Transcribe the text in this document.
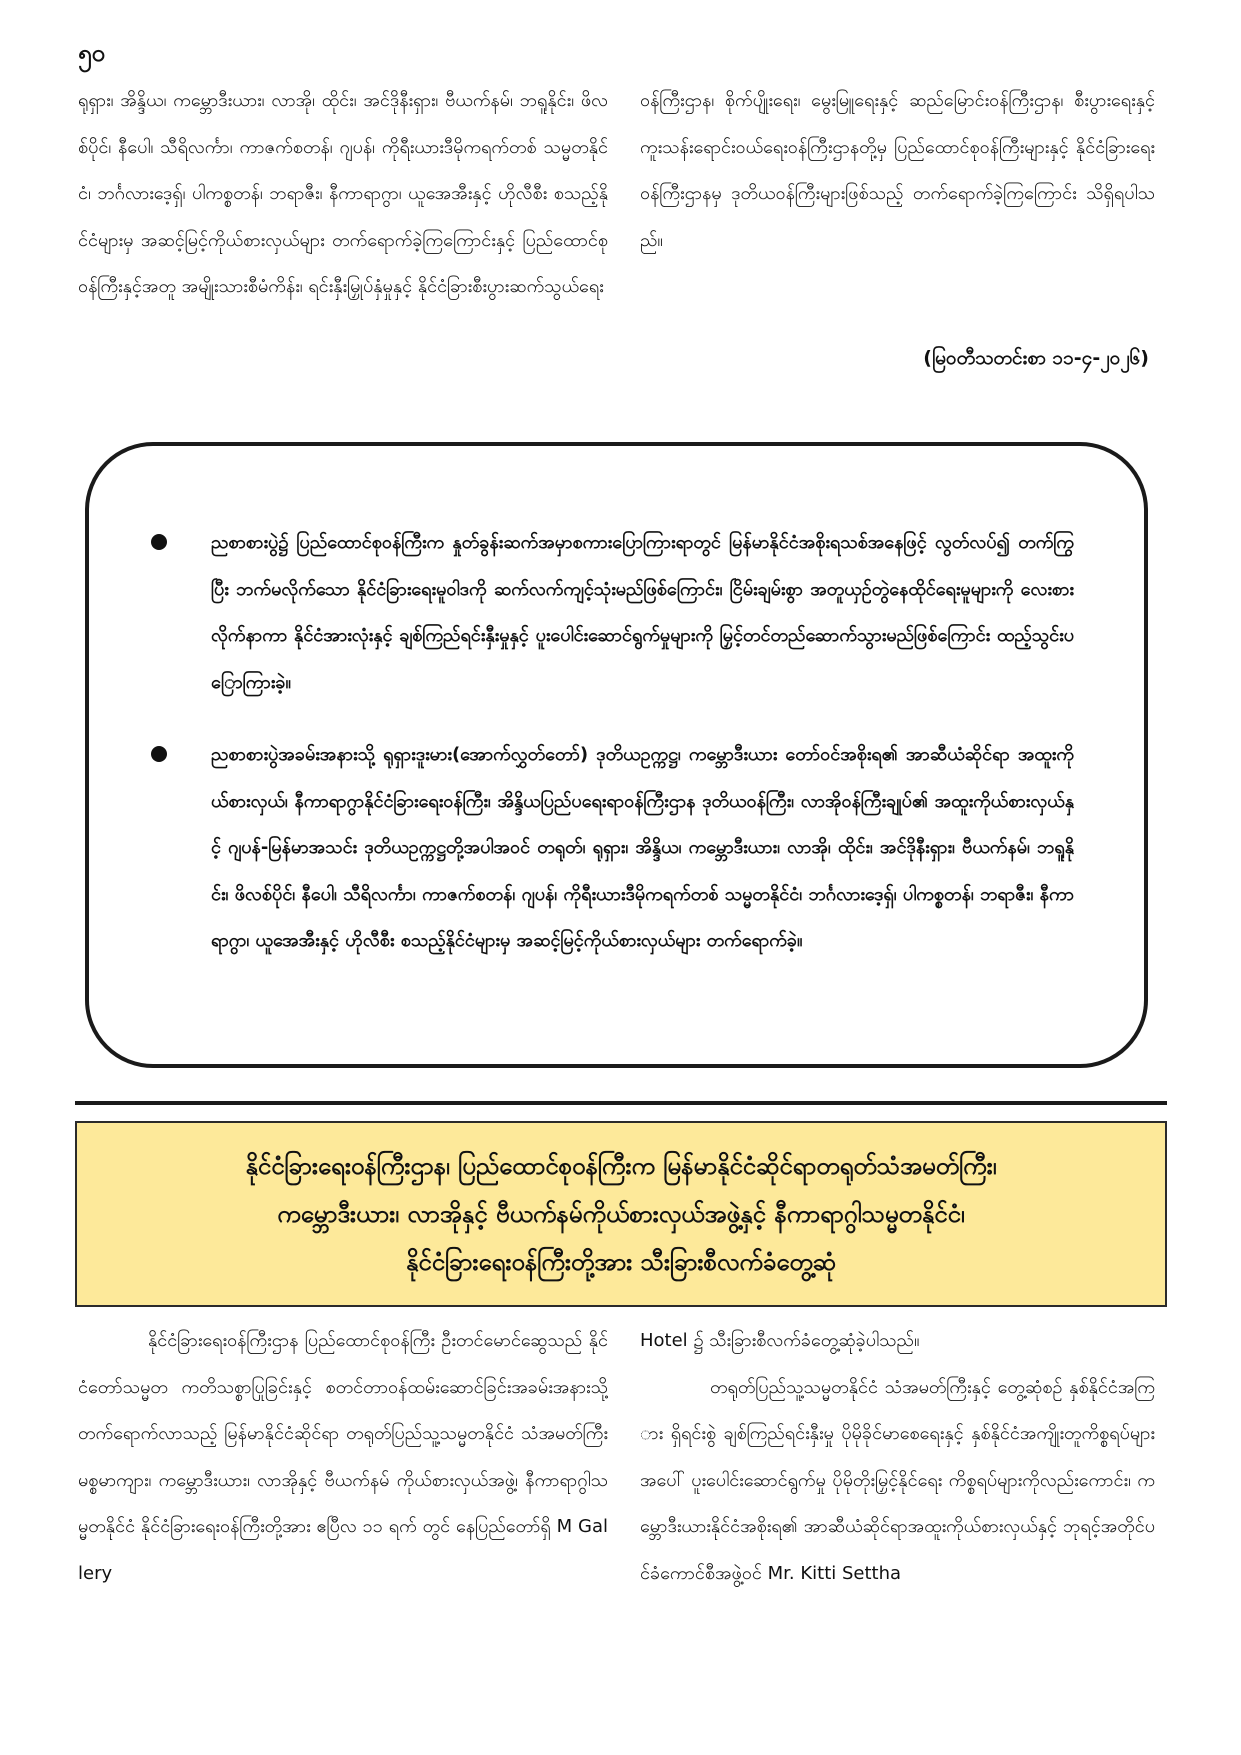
၅၀

ရုရှား၊ အိန္ဒိယ၊ ကမ္ဘောဒီးယား၊ လာအို၊ ထိုင်း၊ အင်ဒိုနီးရှား၊ ဗီယက်နမ်၊ ဘရူနိုင်း၊ ဖိလစ်ပိုင်၊ နီပေါ၊ သီရိလင်္ကာ၊ ကာဇက်စတန်၊ ဂျပန်၊ ကိုရီးယားဒီမိုကရက်တစ် သမ္မတနိုင်ငံ၊ ဘင်္ဂလားဒေ့ရှ်၊ ပါကစ္စတန်၊ ဘရာဇီး၊ နီကာရာဂွာ၊ ယူအေအီးနှင့် ဟိုလီစီး စသည့်နိုင်ငံများမှ အဆင့်မြင့်ကိုယ်စားလှယ်များ တက်ရောက်ခဲ့ကြကြောင်းနှင့် ပြည်ထောင်စုဝန်ကြီးနှင့်အတူ အမျိုးသားစီမံကိန်း၊ ရင်းနှီးမြှုပ်နှံမှုနှင့် နိုင်ငံခြားစီးပွားဆက်သွယ်ရေး

ဝန်ကြီးဌာန၊ စိုက်ပျိုးရေး၊ မွေးမြူရေးနှင့် ဆည်မြောင်းဝန်ကြီးဌာန၊ စီးပွားရေးနှင့် ကူးသန်းရောင်းဝယ်ရေးဝန်ကြီးဌာနတို့မှ ပြည်ထောင်စုဝန်ကြီးများနှင့် နိုင်ငံခြားရေးဝန်ကြီးဌာနမှ ဒုတိယဝန်ကြီးများဖြစ်သည့် တက်ရောက်ခဲ့ကြကြောင်း သိရှိရပါသည်။

(မြဝတီသတင်းစာ ၁၁-၄-၂၀၂၆)
ညစာစားပွဲ၌ ပြည်ထောင်စုဝန်ကြီးက နှုတ်ခွန်းဆက်အမှာစကားပြောကြားရာတွင် မြန်မာနိုင်ငံအစိုးရသစ်အနေဖြင့် လွတ်လပ်၍ တက်ကြွပြီး ဘက်မလိုက်သော နိုင်ငံခြားရေးမူဝါဒကို ဆက်လက်ကျင့်သုံးမည်ဖြစ်ကြောင်း၊ ငြိမ်းချမ်းစွာ အတူယှဉ်တွဲနေထိုင်ရေးမူများကို လေးစားလိုက်နာကာ နိုင်ငံအားလုံးနှင့် ချစ်ကြည်ရင်းနှီးမှုနှင့် ပူးပေါင်းဆောင်ရွက်မှုများကို မြှင့်တင်တည်ဆောက်သွားမည်ဖြစ်ကြောင်း ထည့်သွင်းပြောကြားခဲ့။
ညစာစားပွဲအခမ်းအနားသို့ ရုရှားဒူးမား(အောက်လွှတ်တော်) ဒုတိယဥက္ကဋ္ဌ၊ ကမ္ဘောဒီးယား တော်ဝင်အစိုးရ၏ အာဆီယံဆိုင်ရာ အထူးကိုယ်စားလှယ်၊ နီကာရာဂွာနိုင်ငံခြားရေးဝန်ကြီး၊ အိန္ဒိယပြည်ပရေးရာဝန်ကြီးဌာန ဒုတိယဝန်ကြီး၊ လာအိုဝန်ကြီးချုပ်၏ အထူးကိုယ်စားလှယ်နှင့် ဂျပန်-မြန်မာအသင်း ဒုတိယဥက္ကဋ္ဌတို့အပါအဝင် တရုတ်၊ ရုရှား၊ အိန္ဒိယ၊ ကမ္ဘောဒီးယား၊ လာအို၊ ထိုင်း၊ အင်ဒိုနီးရှား၊ ဗီယက်နမ်၊ ဘရူနိုင်း၊ ဖိလစ်ပိုင်၊ နီပေါ၊ သီရိလင်္ကာ၊ ကာဇက်စတန်၊ ဂျပန်၊ ကိုရီးယားဒီမိုကရက်တစ် သမ္မတနိုင်ငံ၊ ဘင်္ဂလားဒေ့ရှ်၊ ပါကစ္စတန်၊ ဘရာဇီး၊ နီကာရာဂွာ၊ ယူအေအီးနှင့် ဟိုလီစီး စသည့်နိုင်ငံများမှ အဆင့်မြင့်ကိုယ်စားလှယ်များ တက်ရောက်ခဲ့။
နိုင်ငံခြားရေးဝန်ကြီးဌာန၊ ပြည်ထောင်စုဝန်ကြီးက မြန်မာနိုင်ငံဆိုင်ရာတရုတ်သံအမတ်ကြီး၊
ကမ္ဘောဒီးယား၊ လာအိုနှင့် ဗီယက်နမ်ကိုယ်စားလှယ်အဖွဲ့နှင့် နီကာရာဂွါသမ္မတနိုင်ငံ၊
နိုင်ငံခြားရေးဝန်ကြီးတို့အား သီးခြားစီလက်ခံတွေ့ဆုံ

နိုင်ငံခြားရေးဝန်ကြီးဌာန ပြည်ထောင်စုဝန်ကြီး ဦးတင်မောင်ဆွေသည် နိုင်ငံတော်သမ္မတ ကတိသစ္စာပြုခြင်းနှင့် စတင်တာဝန်ထမ်းဆောင်ခြင်းအခမ်းအနားသို့ တက်ရောက်လာသည့် မြန်မာနိုင်ငံဆိုင်ရာ တရုတ်ပြည်သူ့သမ္မတနိုင်ငံ သံအမတ်ကြီး မစ္စမာကျား၊ ကမ္ဘောဒီးယား၊ လာအိုနှင့် ဗီယက်နမ် ကိုယ်စားလှယ်အဖွဲ့၊ နီကာရာဂွါသမ္မတနိုင်ငံ နိုင်ငံခြားရေးဝန်ကြီးတို့အား ဧပြီလ ၁၁ ရက် တွင် နေပြည်တော်ရှိ M Gallery

Hotel ၌ သီးခြားစီလက်ခံတွေ့ဆုံခဲ့ပါသည်။

တရုတ်ပြည်သူ့သမ္မတနိုင်ငံ သံအမတ်ကြီးနှင့် တွေ့ဆုံစဉ် နှစ်နိုင်ငံအကြား ရှိရင်းစွဲ ချစ်ကြည်ရင်းနှီးမှု ပိုမိုခိုင်မာစေရေးနှင့် နှစ်နိုင်ငံအကျိုးတူကိစ္စရပ်များအပေါ် ပူးပေါင်းဆောင်ရွက်မှု ပိုမိုတိုးမြှင့်နိုင်ရေး ကိစ္စရပ်များကိုလည်းကောင်း၊ ကမ္ဘောဒီးယားနိုင်ငံအစိုးရ၏ အာဆီယံဆိုင်ရာအထူးကိုယ်စားလှယ်နှင့် ဘုရင့်အတိုင်ပင်ခံကောင်စီအဖွဲ့ဝင် Mr. Kitti Settha
